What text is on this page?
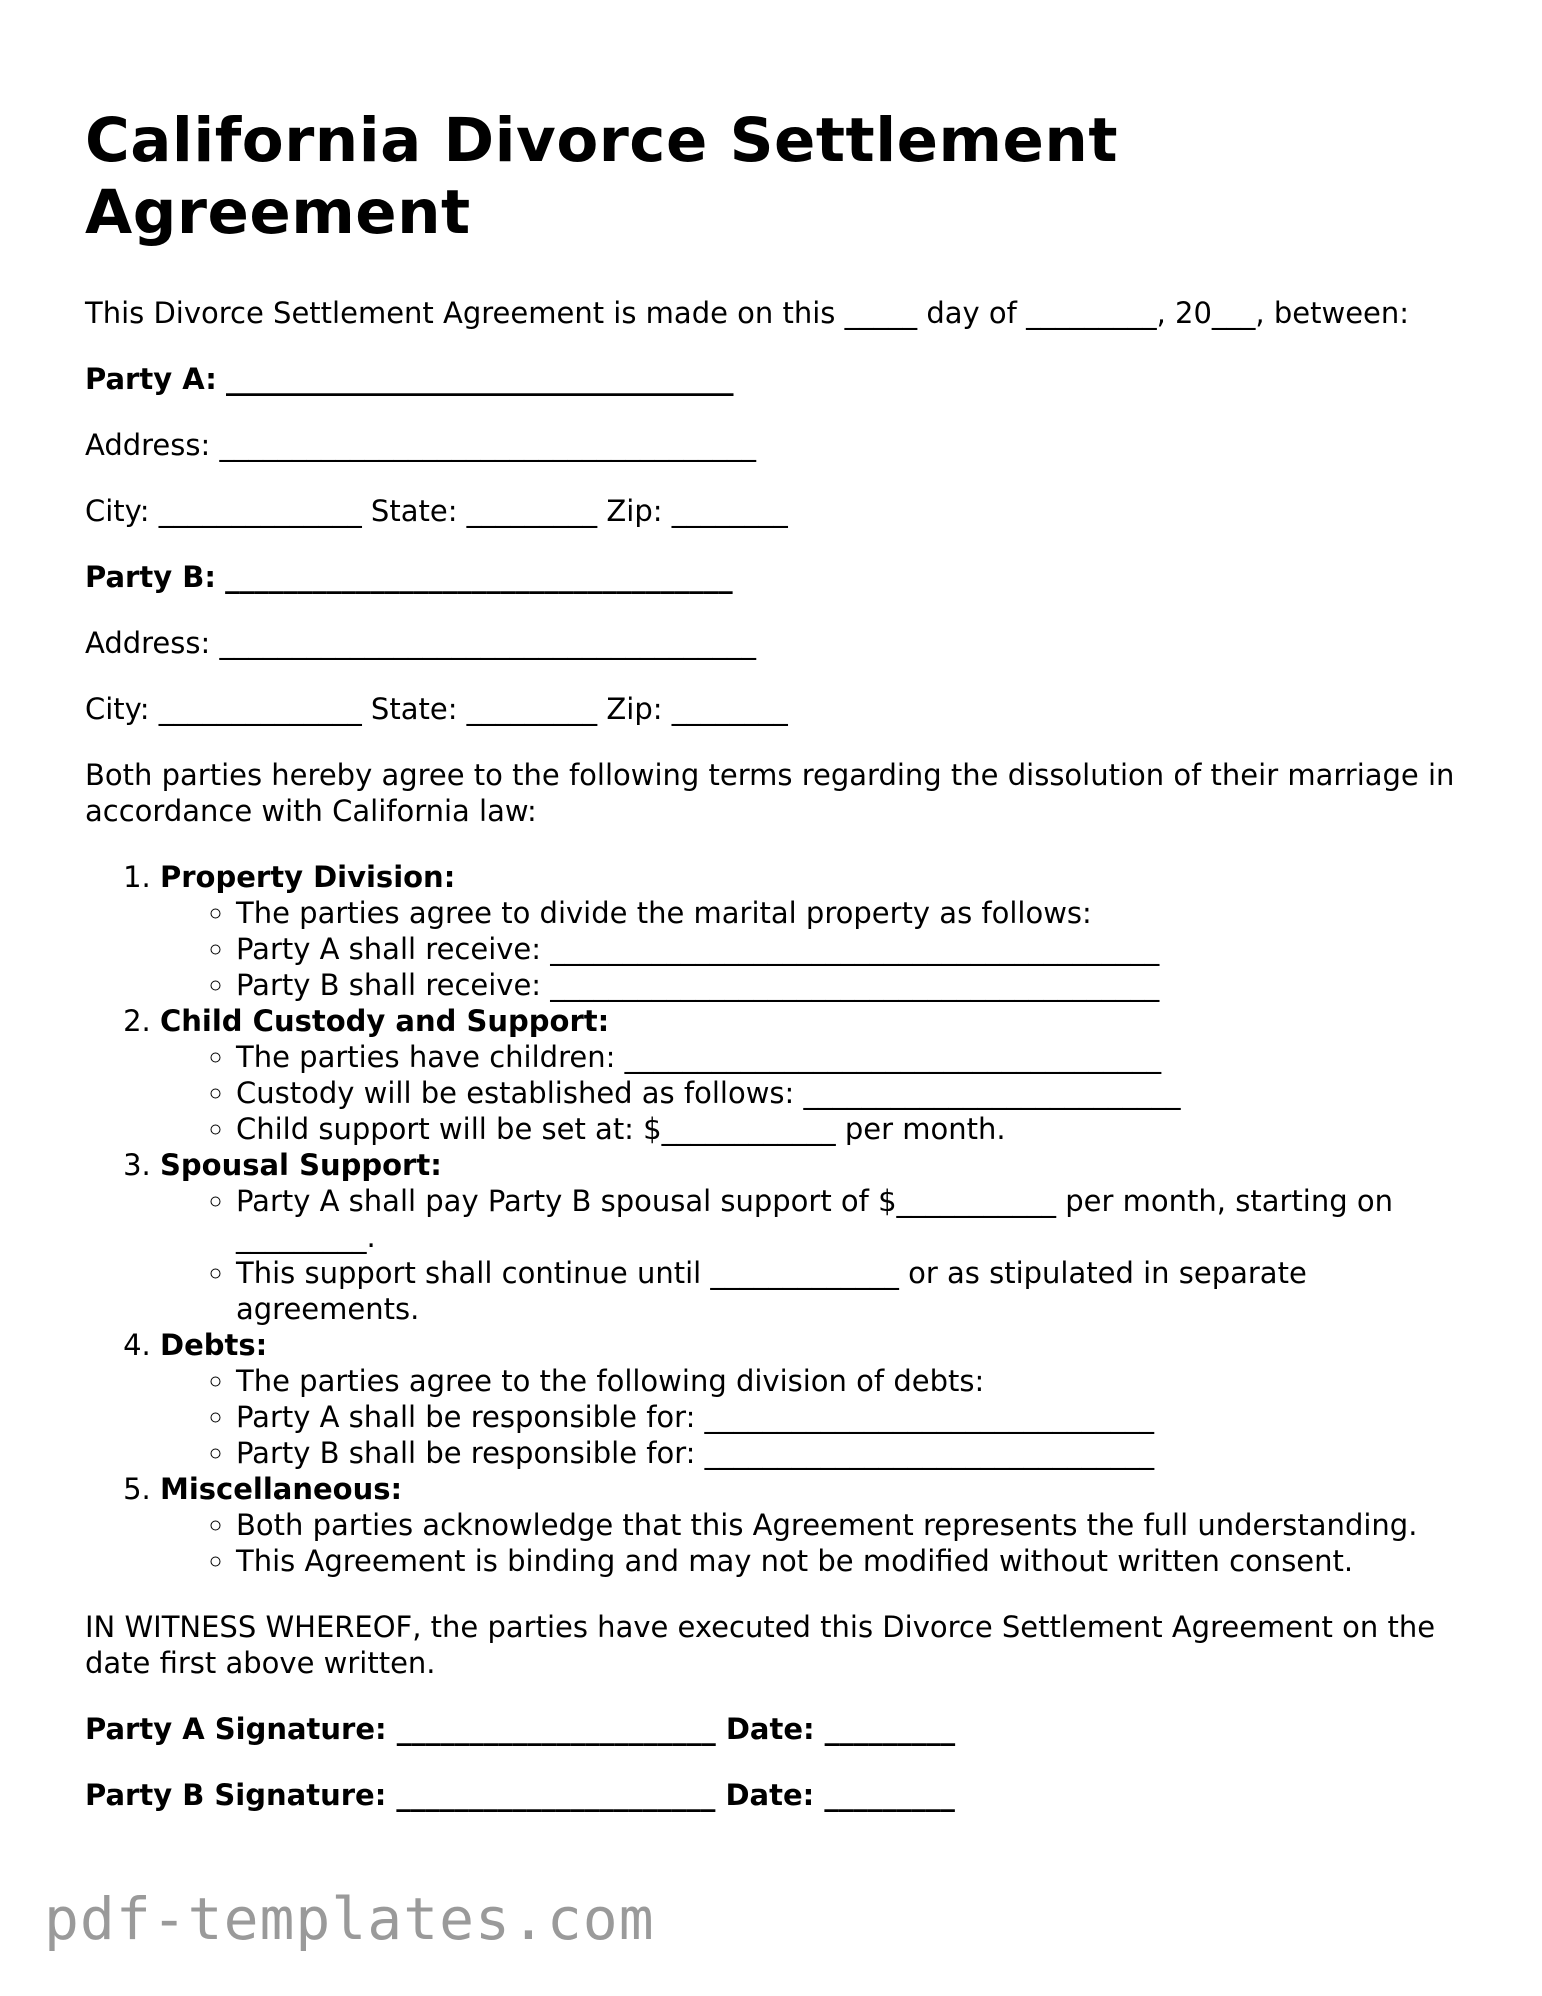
California Divorce Settlement Agreement

This Divorce Settlement Agreement is made on this _____ day of _________, 20___, between:

Party A: ___________________________________

Address: _____________________________________

City: ______________ State: _________ Zip: ________

Party B: ___________________________________

Address: _____________________________________

City: ______________ State: _________ Zip: ________

Both parties hereby agree to the following terms regarding the dissolution of their marriage in accordance with California law:

1. Property Division:
◦ The parties agree to divide the marital property as follows:
◦ Party A shall receive: __________________________________________
◦ Party B shall receive: __________________________________________
2. Child Custody and Support:
◦ The parties have children: _____________________________________
◦ Custody will be established as follows: __________________________
◦ Child support will be set at: $____________ per month.
3. Spousal Support:
◦ Party A shall pay Party B spousal support of $___________ per month, starting on _________.
◦ This support shall continue until _____________ or as stipulated in separate agreements.
4. Debts:
◦ The parties agree to the following division of debts:
◦ Party A shall be responsible for: _______________________________
◦ Party B shall be responsible for: _______________________________
5. Miscellaneous:
◦ Both parties acknowledge that this Agreement represents the full understanding.
◦ This Agreement is binding and may not be modified without written consent.

IN WITNESS WHEREOF, the parties have executed this Divorce Settlement Agreement on the date first above written.

Party A Signature: ______________________ Date: _________

Party B Signature: ______________________ Date: _________

pdf-templates.com
